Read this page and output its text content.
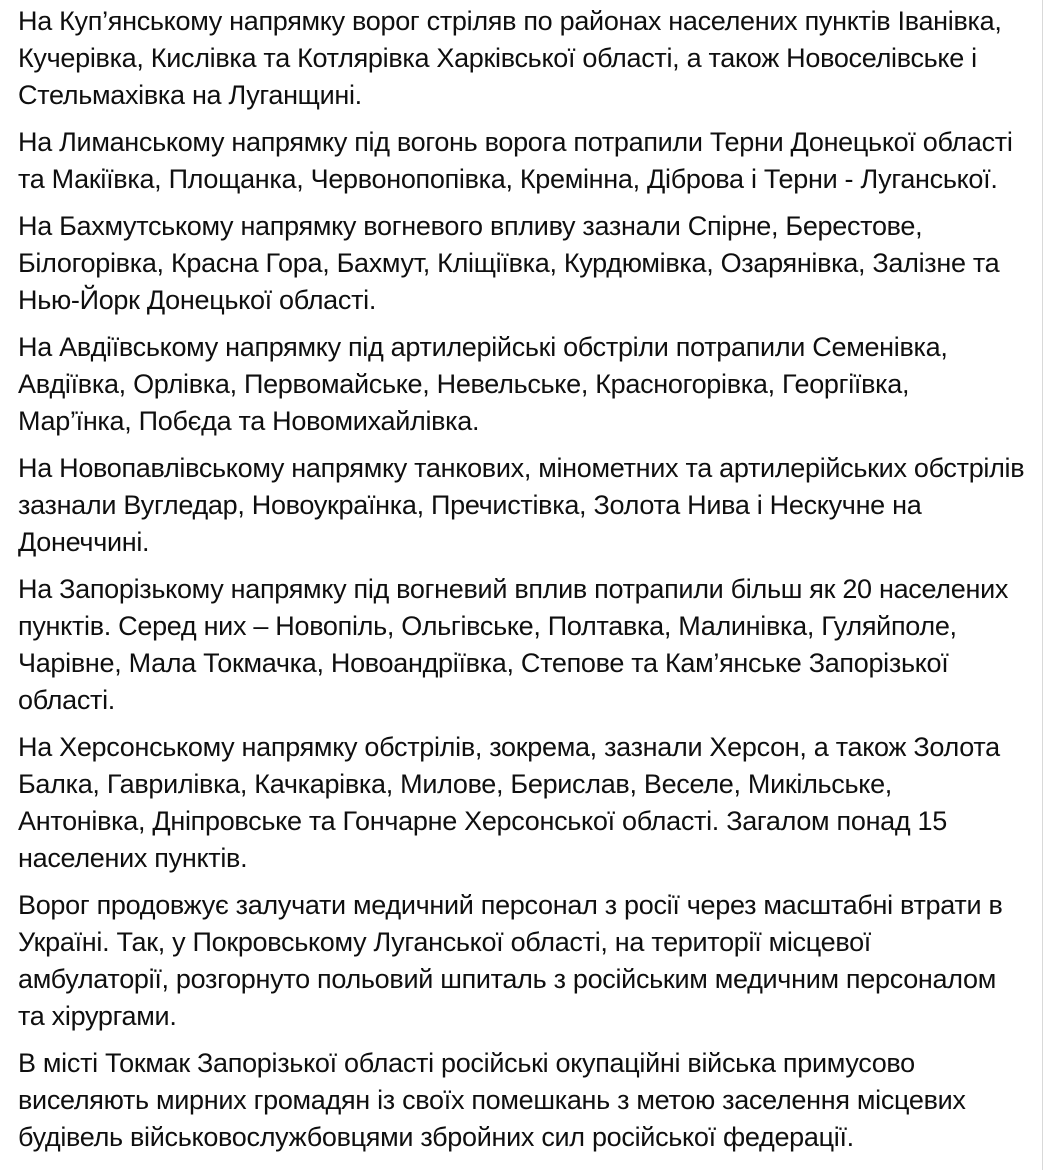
На Куп’янському напрямку ворог стріляв по районах населених пунктів Іванівка, Кучерівка, Кислівка та Котлярівка Харківської області, а також Новоселівське і Стельмахівка на Луганщині.

На Лиманському напрямку під вогонь ворога потрапили Терни Донецької області та Макіївка, Площанка, Червонопопівка, Кремінна, Діброва і Терни - Луганської.

На Бахмутському напрямку вогневого впливу зазнали Спірне, Берестове, Білогорівка, Красна Гора, Бахмут, Кліщіївка, Курдюмівка, Озарянівка, Залізне та Нью-Йорк Донецької області.

На Авдіївському напрямку під артилерійські обстріли потрапили Семенівка, Авдіївка, Орлівка, Первомайське, Невельське, Красногорівка, Георгіївка, Мар’їнка, Побєда та Новомихайлівка.

На Новопавлівському напрямку танкових, мінометних та артилерійських обстрілів зазнали Вугледар, Новоукраїнка, Пречистівка, Золота Нива і Нескучне на Донеччині.

На Запорізькому напрямку під вогневий вплив потрапили більш як 20 населених пунктів. Серед них – Новопіль, Ольгівське, Полтавка, Малинівка, Гуляйполе, Чарівне, Мала Токмачка, Новоандріївка, Степове та Кам’янське Запорізької області.

На Херсонському напрямку обстрілів, зокрема, зазнали Херсон, а також Золота Балка, Гаврилівка, Качкарівка, Милове, Берислав, Веселе, Микільське, Антонівка, Дніпровське та Гончарне Херсонської області. Загалом понад 15 населених пунктів.

Ворог продовжує залучати медичний персонал з росії через масштабні втрати в Україні. Так, у Покровському Луганської області, на території місцевої амбулаторії, розгорнуто польовий шпиталь з російським медичним персоналом та хірургами.

В місті Токмак Запорізької області російські окупаційні війська примусово виселяють мирних громадян із своїх помешкань з метою заселення місцевих будівель військовослужбовцями збройних сил російської федерації.
